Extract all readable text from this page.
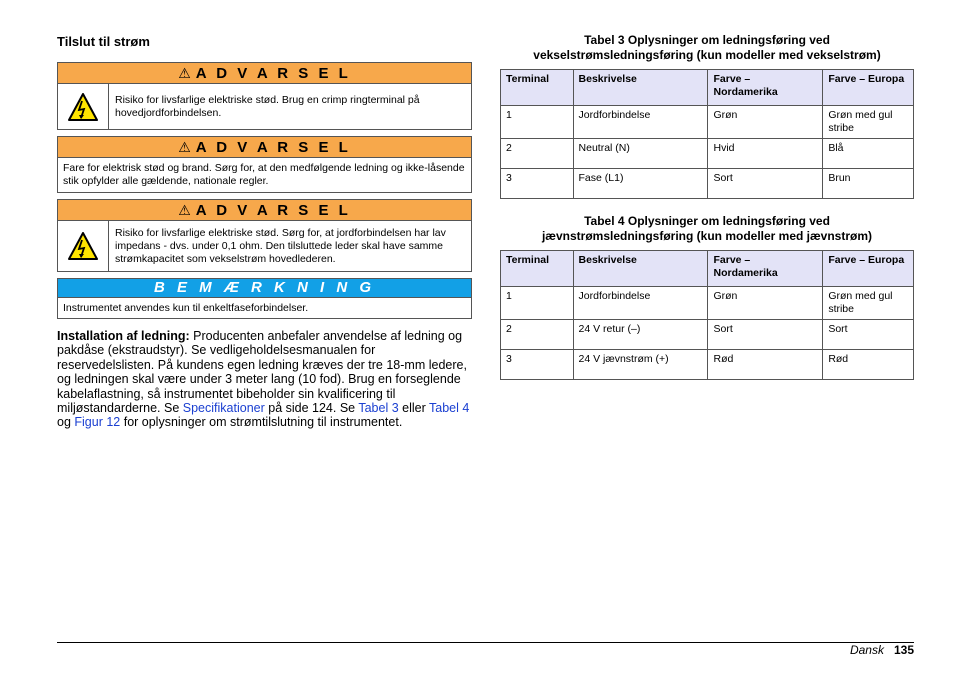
Tilslut til strøm
⚠ A D V A R S E L
Risiko for livsfarlige elektriske stød. Brug en crimp ringterminal på hovedjordforbindelsen.
⚠ A D V A R S E L
Fare for elektrisk stød og brand. Sørg for, at den medfølgende ledning og ikke-låsende stik opfylder alle gældende, nationale regler.
⚠ A D V A R S E L
Risiko for livsfarlige elektriske stød. Sørg for, at jordforbindelsen har lav impedans - dvs. under 0,1 ohm. Den tilsluttede leder skal have samme strømkapacitet som vekselstrøm hovedlederen.
B E M Æ R K N I N G
Instrumentet anvendes kun til enkeltfaseforbindelser.
Installation af ledning: Producenten anbefaler anvendelse af ledning og pakdåse (ekstraudstyr). Se vedligeholdelsesmanualen for reservedelslisten. På kundens egen ledning kræves der tre 18-mm ledere, og ledningen skal være under 3 meter lang (10 fod). Brug en forseglende kabelaflastning, så instrumentet bibeholder sin kvalificering til miljøstandarderne. Se Specifikationer på side 124. Se Tabel 3 eller Tabel 4 og Figur 12 for oplysninger om strømtilslutning til instrumentet.
Tabel 3 Oplysninger om ledningsføring ved
vekselstrømsledningsføring (kun modeller med vekselstrøm)
Terminal	Beskrivelse	Farve – Nordamerika	Farve – Europa
1	Jordforbindelse	Grøn	Grøn med gul stribe
2	Neutral (N)	Hvid	Blå
3	Fase (L1)	Sort	Brun
Tabel 4 Oplysninger om ledningsføring ved
jævnstrømsledningsføring (kun modeller med jævnstrøm)
Terminal	Beskrivelse	Farve – Nordamerika	Farve – Europa
1	Jordforbindelse	Grøn	Grøn med gul stribe
2	24 V retur (–)	Sort	Sort
3	24 V jævnstrøm (+)	Rød	Rød
Dansk 135
